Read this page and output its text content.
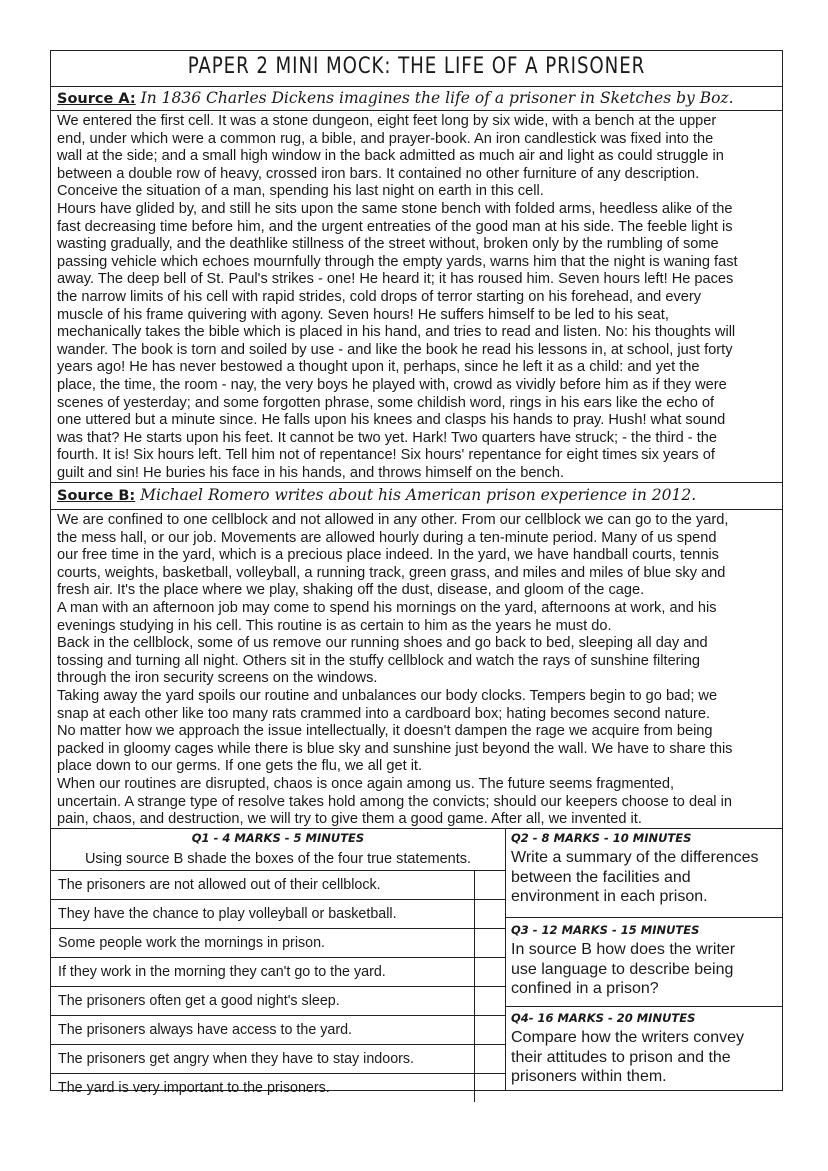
PAPER 2 MINI MOCK: THE LIFE OF A PRISONER
Source A: In 1836 Charles Dickens imagines the life of a prisoner in Sketches by Boz.

We entered the first cell. It was a stone dungeon, eight feet long by six wide, with a bench at the upper

end, under which were a common rug, a bible, and prayer-book. An iron candlestick was fixed into the

wall at the side; and a small high window in the back admitted as much air and light as could struggle in

between a double row of heavy, crossed iron bars. It contained no other furniture of any description.

Conceive the situation of a man, spending his last night on earth in this cell.

Hours have glided by, and still he sits upon the same stone bench with folded arms, heedless alike of the

fast decreasing time before him, and the urgent entreaties of the good man at his side. The feeble light is

wasting gradually, and the deathlike stillness of the street without, broken only by the rumbling of some

passing vehicle which echoes mournfully through the empty yards, warns him that the night is waning fast

away. The deep bell of St. Paul's strikes - one! He heard it; it has roused him. Seven hours left! He paces

the narrow limits of his cell with rapid strides, cold drops of terror starting on his forehead, and every

muscle of his frame quivering with agony. Seven hours! He suffers himself to be led to his seat,

mechanically takes the bible which is placed in his hand, and tries to read and listen. No: his thoughts will

wander. The book is torn and soiled by use - and like the book he read his lessons in, at school, just forty

years ago! He has never bestowed a thought upon it, perhaps, since he left it as a child: and yet the

place, the time, the room - nay, the very boys he played with, crowd as vividly before him as if they were

scenes of yesterday; and some forgotten phrase, some childish word, rings in his ears like the echo of

one uttered but a minute since. He falls upon his knees and clasps his hands to pray. Hush! what sound

was that? He starts upon his feet. It cannot be two yet. Hark! Two quarters have struck; - the third - the

fourth. It is! Six hours left. Tell him not of repentance! Six hours' repentance for eight times six years of

guilt and sin! He buries his face in his hands, and throws himself on the bench.

Source B: Michael Romero writes about his American prison experience in 2012.

We are confined to one cellblock and not allowed in any other. From our cellblock we can go to the yard,

the mess hall, or our job. Movements are allowed hourly during a ten-minute period. Many of us spend

our free time in the yard, which is a precious place indeed. In the yard, we have handball courts, tennis

courts, weights, basketball, volleyball, a running track, green grass, and miles and miles of blue sky and

fresh air. It's the place where we play, shaking off the dust, disease, and gloom of the cage.

A man with an afternoon job may come to spend his mornings on the yard, afternoons at work, and his

evenings studying in his cell. This routine is as certain to him as the years he must do.

Back in the cellblock, some of us remove our running shoes and go back to bed, sleeping all day and

tossing and turning all night. Others sit in the stuffy cellblock and watch the rays of sunshine filtering

through the iron security screens on the windows.

Taking away the yard spoils our routine and unbalances our body clocks. Tempers begin to go bad; we

snap at each other like too many rats crammed into a cardboard box; hating becomes second nature.

No matter how we approach the issue intellectually, it doesn't dampen the rage we acquire from being

packed in gloomy cages while there is blue sky and sunshine just beyond the wall. We have to share this

place down to our germs. If one gets the flu, we all get it.

When our routines are disrupted, chaos is once again among us. The future seems fragmented,

uncertain. A strange type of resolve takes hold among the convicts; should our keepers choose to deal in

pain, chaos, and destruction, we will try to give them a good game. After all, we invented it.

Q1 - 4 MARKS - 5 MINUTES
Using source B shade the boxes of the four true statements.
The prisoners are not allowed out of their cellblock.
They have the chance to play volleyball or basketball.
Some people work the mornings in prison.
If they work in the morning they can't go to the yard.
The prisoners often get a good night's sleep.
The prisoners always have access to the yard.
The prisoners get angry when they have to stay indoors.
The yard is very important to the prisoners.
Q2 - 8 MARKS - 10 MINUTES
Write a summary of the differences
between the facilities and
environment in each prison.
Q3 - 12 MARKS - 15 MINUTES
In source B how does the writer
use language to describe being
confined in a prison?
Q4- 16 MARKS - 20 MINUTES
Compare how the writers convey
their attitudes to prison and the
prisoners within them.
